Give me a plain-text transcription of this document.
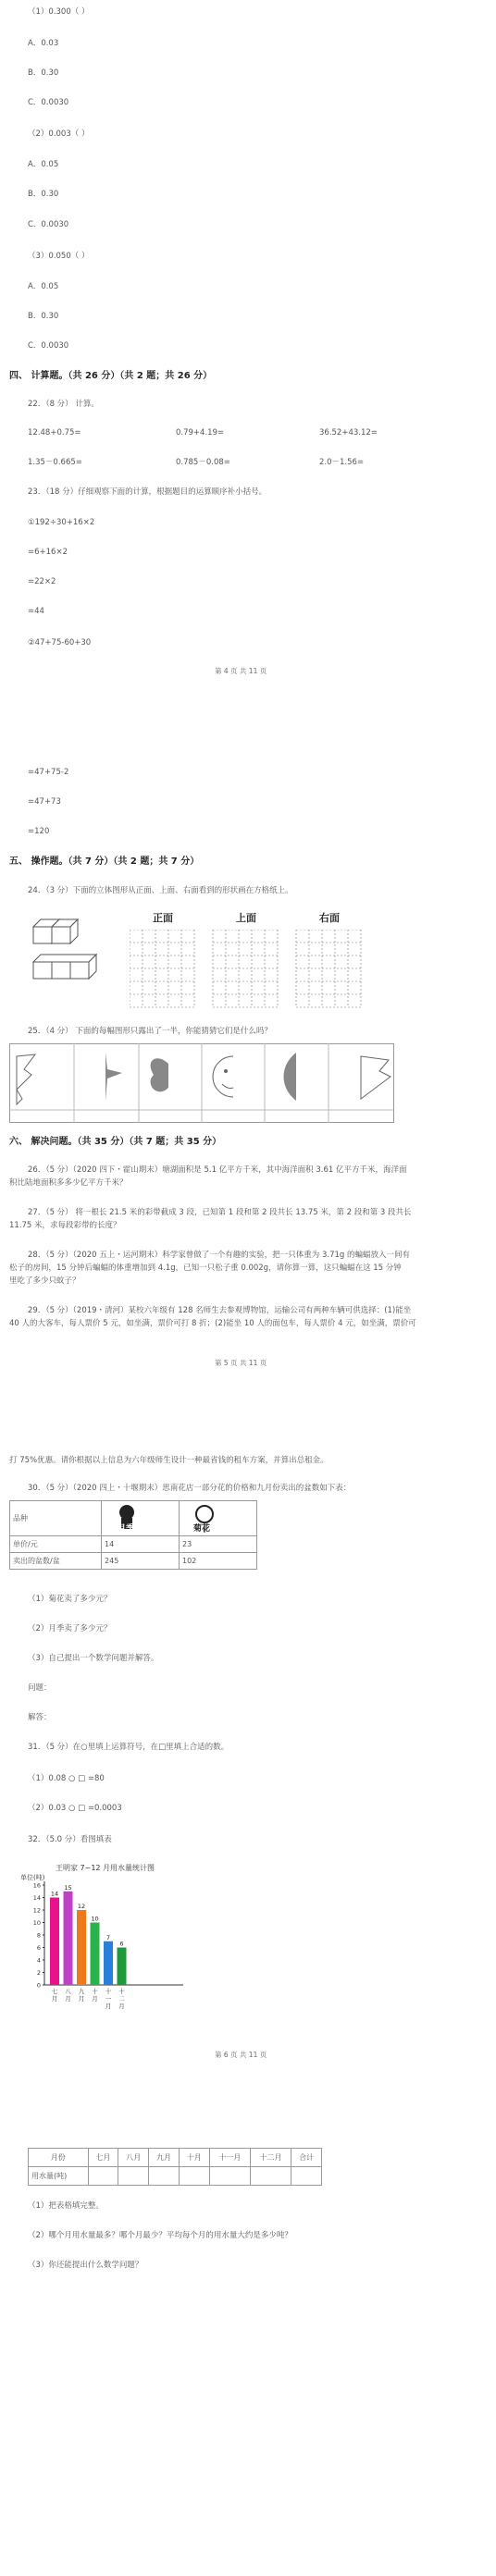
（1）0.300（ ）
A．0.03
B．0.30
C．0.0030
（2）0.003（ ）
A．0.05
B．0.30
C．0.0030
（3）0.050（ ）
A．0.05
B．0.30
C．0.0030
四、 计算题。（共 26 分）（共 2 题；共 26 分）
22．（8 分） 计算。
12.48+0.75=	0.79+4.19=	36.52+43.12=
1.35－0.665=	0.785－0.08=	2.0－1.56=
23．（18 分）仔细观察下面的计算，根据题目的运算顺序补小括号。
①192÷30+16×2
=6+16×2
=22×2
=44
②47+75-60+30
第 4 页 共 11 页
=47+75-2
=47+73
=120
五、 操作题。（共 7 分）（共 2 题；共 7 分）
24．（3 分）下面的立体图形从正面、上面、右面看到的形状画在方格纸上。
正面	上面	右面
25．（4 分） 下面的每幅图形只露出了一半，你能猜猜它们是什么吗？
六、 解决问题。（共 35 分）（共 7 题；共 35 分）
26．（5 分）（2020 四下・霍山期末）塘湖面积是 5.1 亿平方千米，其中海洋面积 3.61 亿平方千米，海洋面
积比陆地面积多多少亿平方千米？
27．（5 分） 将一根长 21.5 米的彩带截成 3 段，已知第 1 段和第 2 段共长 13.75 米，第 2 段和第 3 段共长
11.75 米，求每段彩带的长度？
28．（5 分）（2020 五上・运河期末）科学家曾做了一个有趣的实验，把一只体重为 3.71g 的蝙蝠放入一间有
松子的房间，15 分钟后蝙蝠的体重增加到 4.1g，已知一只松子重 0.002g，请你算一算，这只蝙蝠在这 15 分钟
里吃了多少只蚊子？
29．（5 分）（2019・清河）某校六年级有 128 名师生去参观博物馆，运输公司有两种车辆可供选择：(1)能坐
40 人的大客车，每人票价 5 元，如坐满，票价可打 8 折；(2)能坐 10 人的面包车，每人票价 4 元，如坐满，票价可
第 5 页 共 11 页
打 75%优惠。请你根据以上信息为六年级师生设计一种最省钱的租车方案，并算出总租金。
30．（5 分）（2020 四上・十堰期末）思南花店一部分花的价格和九月份卖出的盆数如下表：
品种	月季	菊花

单价/元	14	23
卖出的盆数/盆	245	102
（1）菊花卖了多少元？
（2）月季卖了多少元？
（3）自己提出一个数学问题并解答。
问题：
解答：
31．（5 分）在○里填上运算符号，在□里填上合适的数。
（1）0.08 ○ □ =80
（2）0.03 ○ □ =0.0003
32．（5.0 分）看图填表
王明家 7~12 月用水量统计图
单位(吨)
0
2
4
6
8
10
12
14
16
14
七
月
15
八
月
12
九
月
10
十
月
7
十
一
月
6
十
二
月
第 6 页 共 11 页
月份	七月	八月	九月	十月	十一月	十二月	合计
用水量(吨)							
（1）把表格填完整。
（2）哪个月用水量最多？哪个月最少？平均每个月的用水量大约是多少吨？
（3）你还能提出什么数学问题？
